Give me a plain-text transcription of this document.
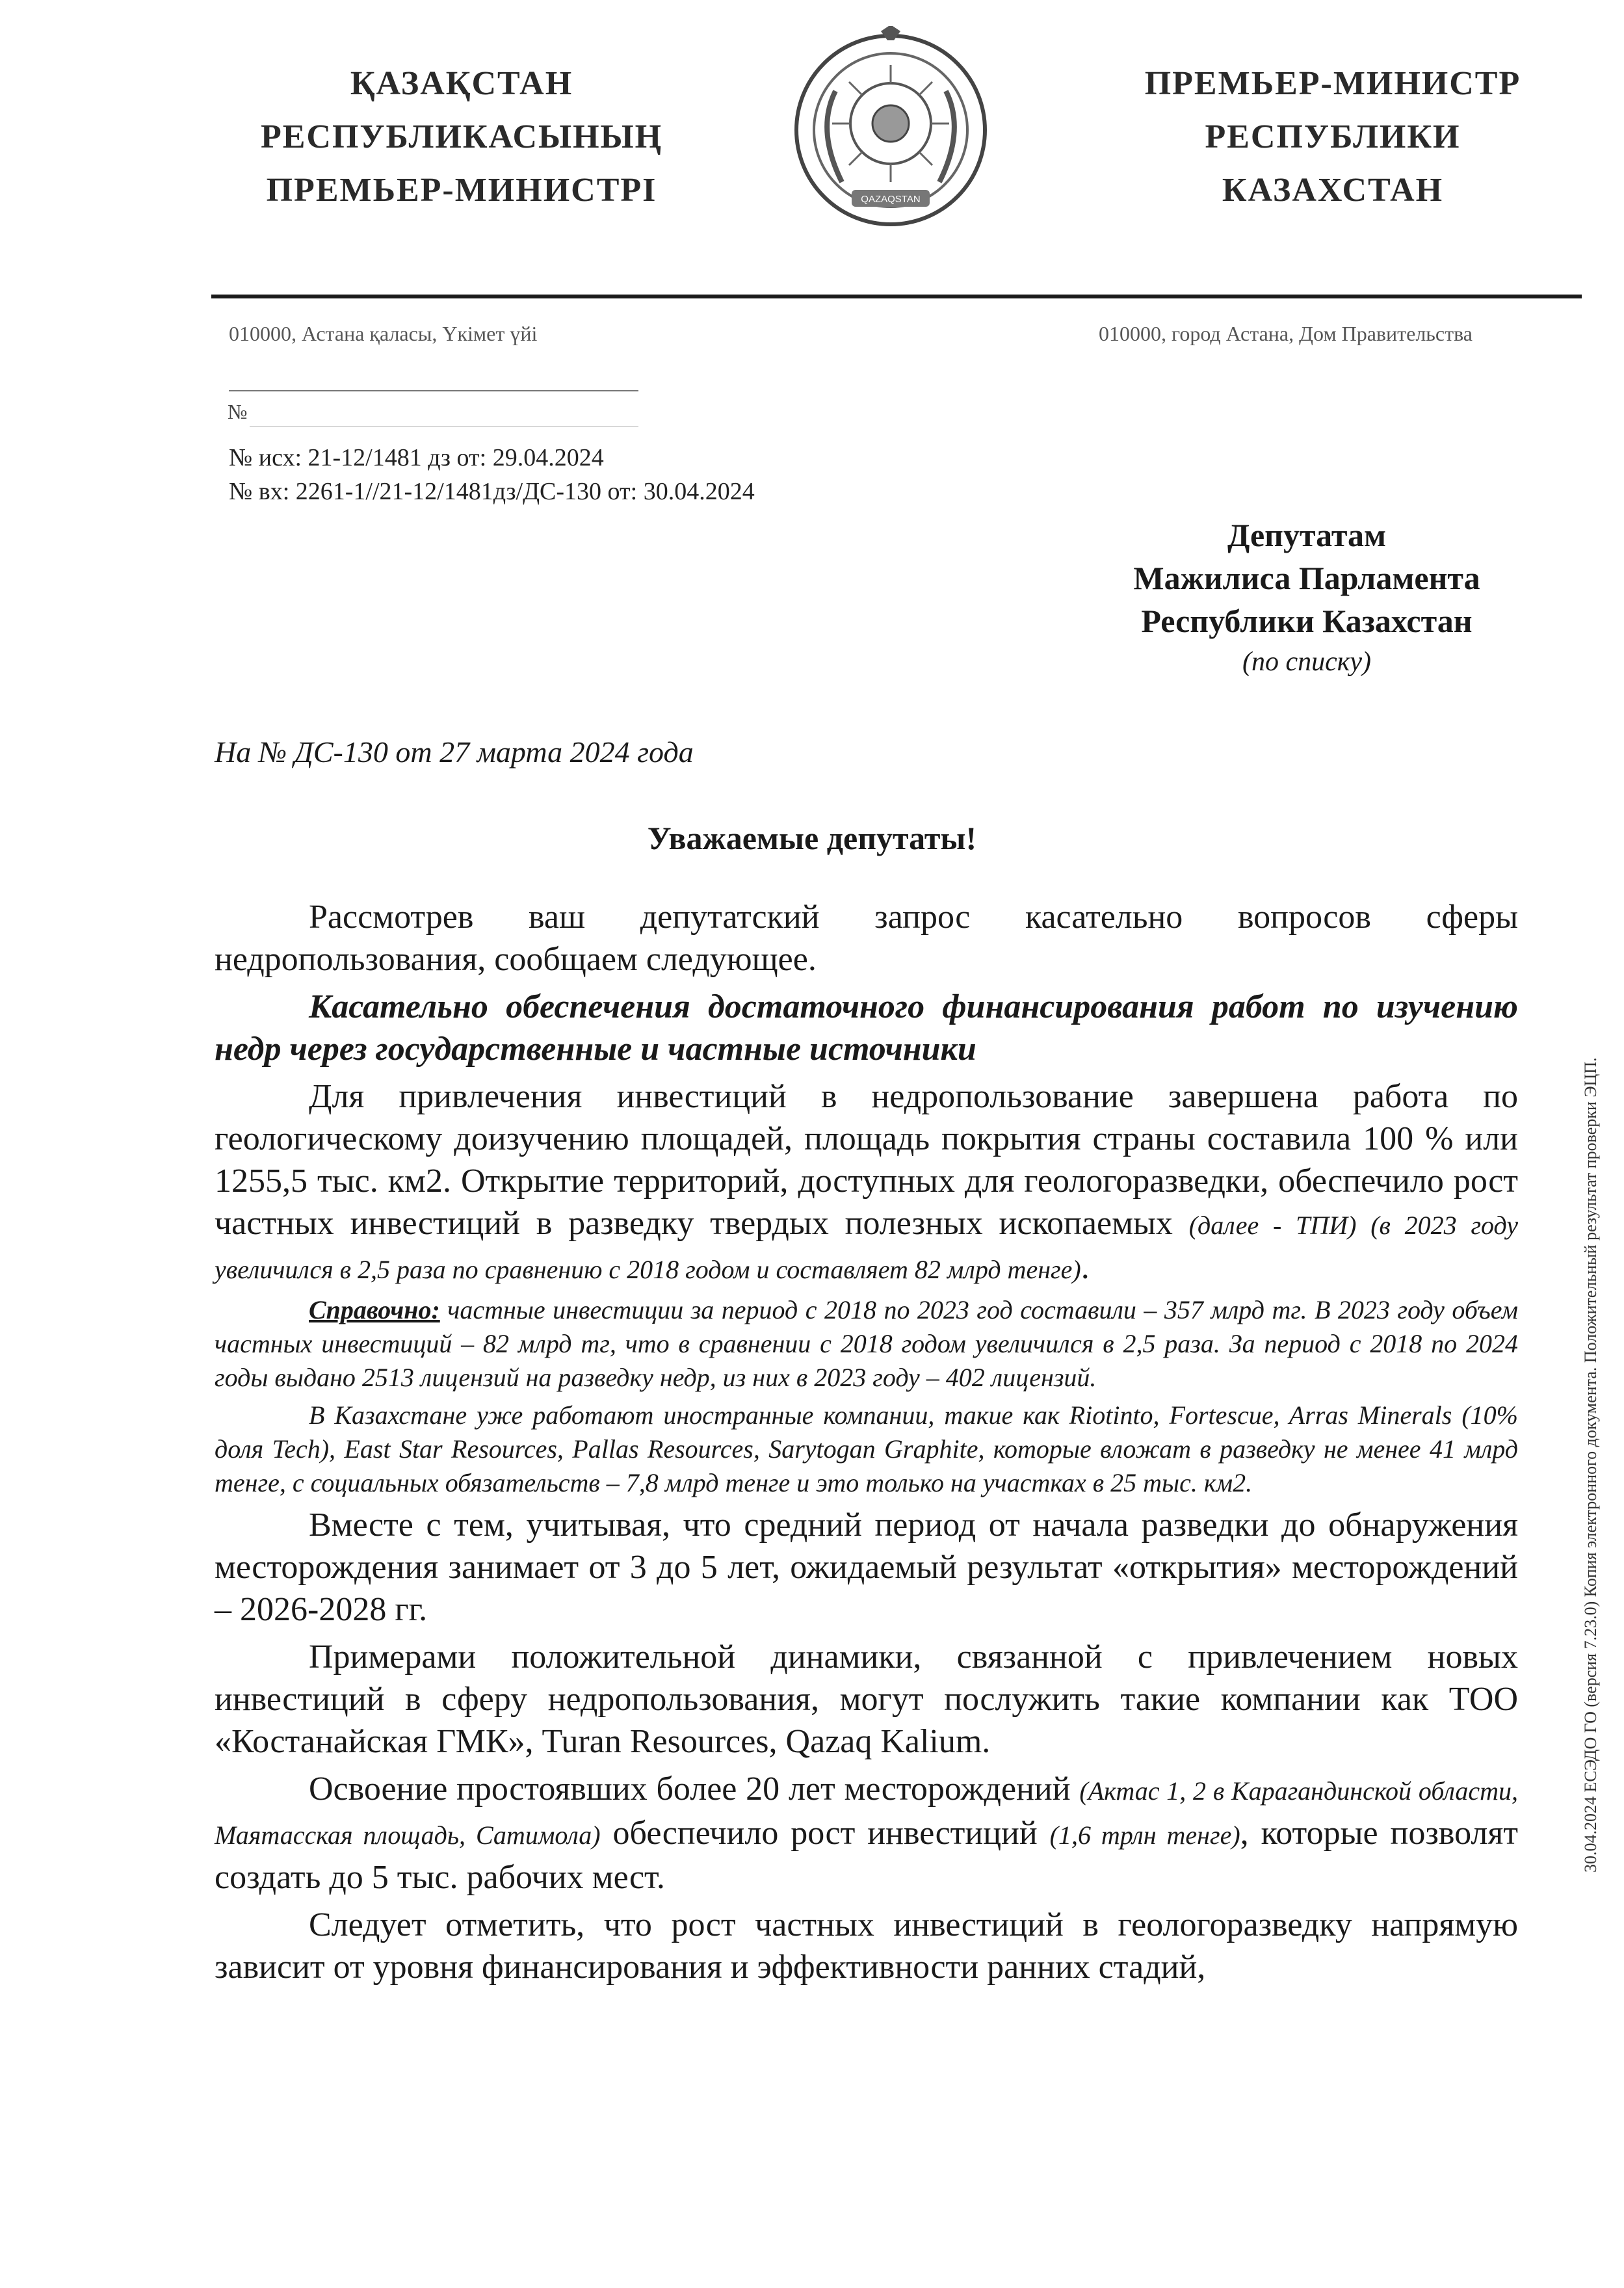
ҚАЗАҚСТАН
РЕСПУБЛИКАСЫНЫҢ
ПРЕМЬЕР-МИНИСТРІ	QAZAQSTAN
ПРЕМЬЕР-МИНИСТР
РЕСПУБЛИКИ
КАЗАХСТАН
010000, Астана қаласы, Үкімет үйі	010000, город Астана, Дом Правительства
№
№ исх: 21-12/1481 дз от: 29.04.2024
№ вх: 2261-1//21-12/1481дз/ДС-130 от: 30.04.2024
Депутатам
Мажилиса Парламента
Республики Казахстан
(по списку)
На № ДС-130 от 27 марта 2024 года
Уважаемые депутаты!

Рассмотрев ваш депутатский запрос касательно вопросов сферы недропользования, сообщаем следующее.

Касательно обеспечения достаточного финансирования работ по изучению недр через государственные и частные источники

Для привлечения инвестиций в недропользование завершена работа по геологическому доизучению площадей, площадь покрытия страны составила 100 % или 1255,5 тыс. км2. Открытие территорий, доступных для геологоразведки, обеспечило рост частных инвестиций в разведку твердых полезных ископаемых (далее - ТПИ) (в 2023 году увеличился в 2,5 раза по сравнению с 2018 годом и составляет 82 млрд тенге).

Справочно: частные инвестиции за период с 2018 по 2023 год составили – 357 млрд тг. В 2023 году объем частных инвестиций – 82 млрд тг, что в сравнении с 2018 годом увеличился в 2,5 раза. За период с 2018 по 2024 годы выдано 2513 лицензий на разведку недр, из них в 2023 году – 402 лицензий.

В Казахстане уже работают иностранные компании, такие как Riotinto, Fortescue, Arras Minerals (10% доля Tech), East Star Resources, Pallas Resources, Sarytogan Graphite, которые вложат в разведку не менее 41 млрд тенге, с социальных обязательств – 7,8 млрд тенге и это только на участках в 25 тыс. км2.

Вместе с тем, учитывая, что средний период от начала разведки до обнаружения месторождения занимает от 3 до 5 лет, ожидаемый результат «открытия» месторождений – 2026-2028 гг.

Примерами положительной динамики, связанной с привлечением новых инвестиций в сферу недропользования, могут послужить такие компании как ТОО «Костанайская ГМК», Turan Resources, Qazaq Kalium.

Освоение простоявших более 20 лет месторождений (Актас 1, 2 в Карагандинской области, Маятасская площадь, Сатимола) обеспечило рост инвестиций (1,6 трлн тенге), которые позволят создать до 5 тыс. рабочих мест.

Следует отметить, что рост частных инвестиций в геологоразведку напрямую зависит от уровня финансирования и эффективности ранних стадий,

30.04.2024 ЕСЭДО ГО (версия 7.23.0) Копия электронного документа. Положительный результат проверки ЭЦП.
